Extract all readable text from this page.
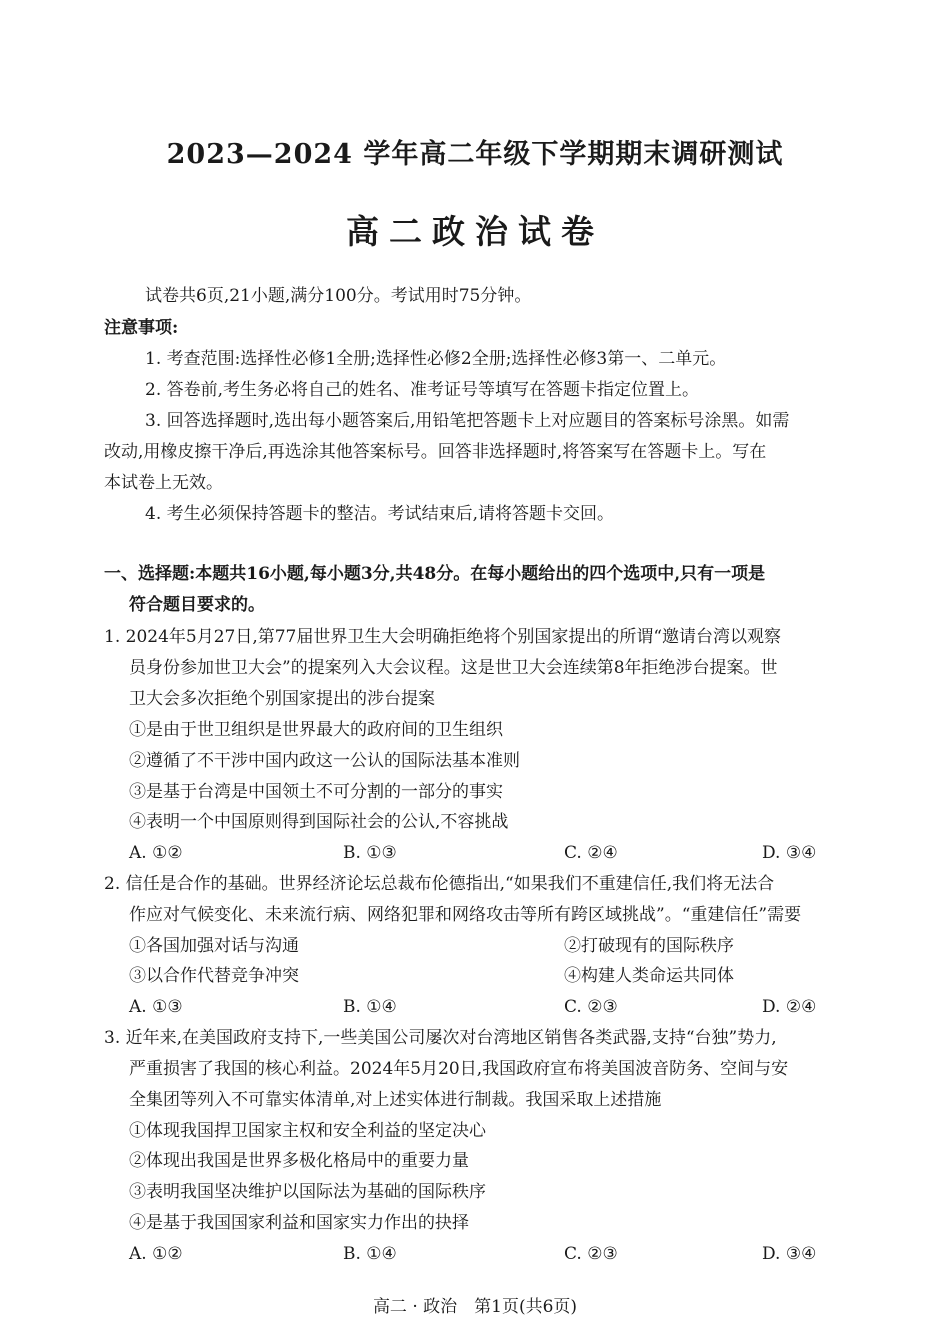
2023—2024 学年高二年级下学期期末调研测试
高二政治试卷
试卷共6页,21小题,满分100分。考试用时75分钟。
注意事项:
1. 考查范围:选择性必修1全册;选择性必修2全册;选择性必修3第一、二单元。
2. 答卷前,考生务必将自己的姓名、准考证号等填写在答题卡指定位置上。
3. 回答选择题时,选出每小题答案后,用铅笔把答题卡上对应题目的答案标号涂黑。如需
改动,用橡皮擦干净后,再选涂其他答案标号。回答非选择题时,将答案写在答题卡上。写在
本试卷上无效。
4. 考生必须保持答题卡的整洁。考试结束后,请将答题卡交回。
一、选择题:本题共16小题,每小题3分,共48分。在每小题给出的四个选项中,只有一项是
符合题目要求的。
1. 2024年5月27日,第77届世界卫生大会明确拒绝将个别国家提出的所谓“邀请台湾以观察
员身份参加世卫大会”的提案列入大会议程。这是世卫大会连续第8年拒绝涉台提案。世
卫大会多次拒绝个别国家提出的涉台提案
①是由于世卫组织是世界最大的政府间的卫生组织
②遵循了不干涉中国内政这一公认的国际法基本准则
③是基于台湾是中国领土不可分割的一部分的事实
④表明一个中国原则得到国际社会的公认,不容挑战
A. ①②	B. ①③	C. ②④	D. ③④
2. 信任是合作的基础。世界经济论坛总裁布伦德指出,“如果我们不重建信任,我们将无法合
作应对气候变化、未来流行病、网络犯罪和网络攻击等所有跨区域挑战”。“重建信任”需要
①各国加强对话与沟通	②打破现有的国际秩序
③以合作代替竞争冲突	④构建人类命运共同体
A. ①③	B. ①④	C. ②③	D. ②④
3. 近年来,在美国政府支持下,一些美国公司屡次对台湾地区销售各类武器,支持“台独”势力,
严重损害了我国的核心利益。2024年5月20日,我国政府宣布将美国波音防务、空间与安
全集团等列入不可靠实体清单,对上述实体进行制裁。我国采取上述措施
①体现我国捍卫国家主权和安全利益的坚定决心
②体现出我国是世界多极化格局中的重要力量
③表明我国坚决维护以国际法为基础的国际秩序
④是基于我国国家利益和国家实力作出的抉择
A. ①②	B. ①④	C. ②③	D. ③④
高二 · 政治　第1页(共6页)
